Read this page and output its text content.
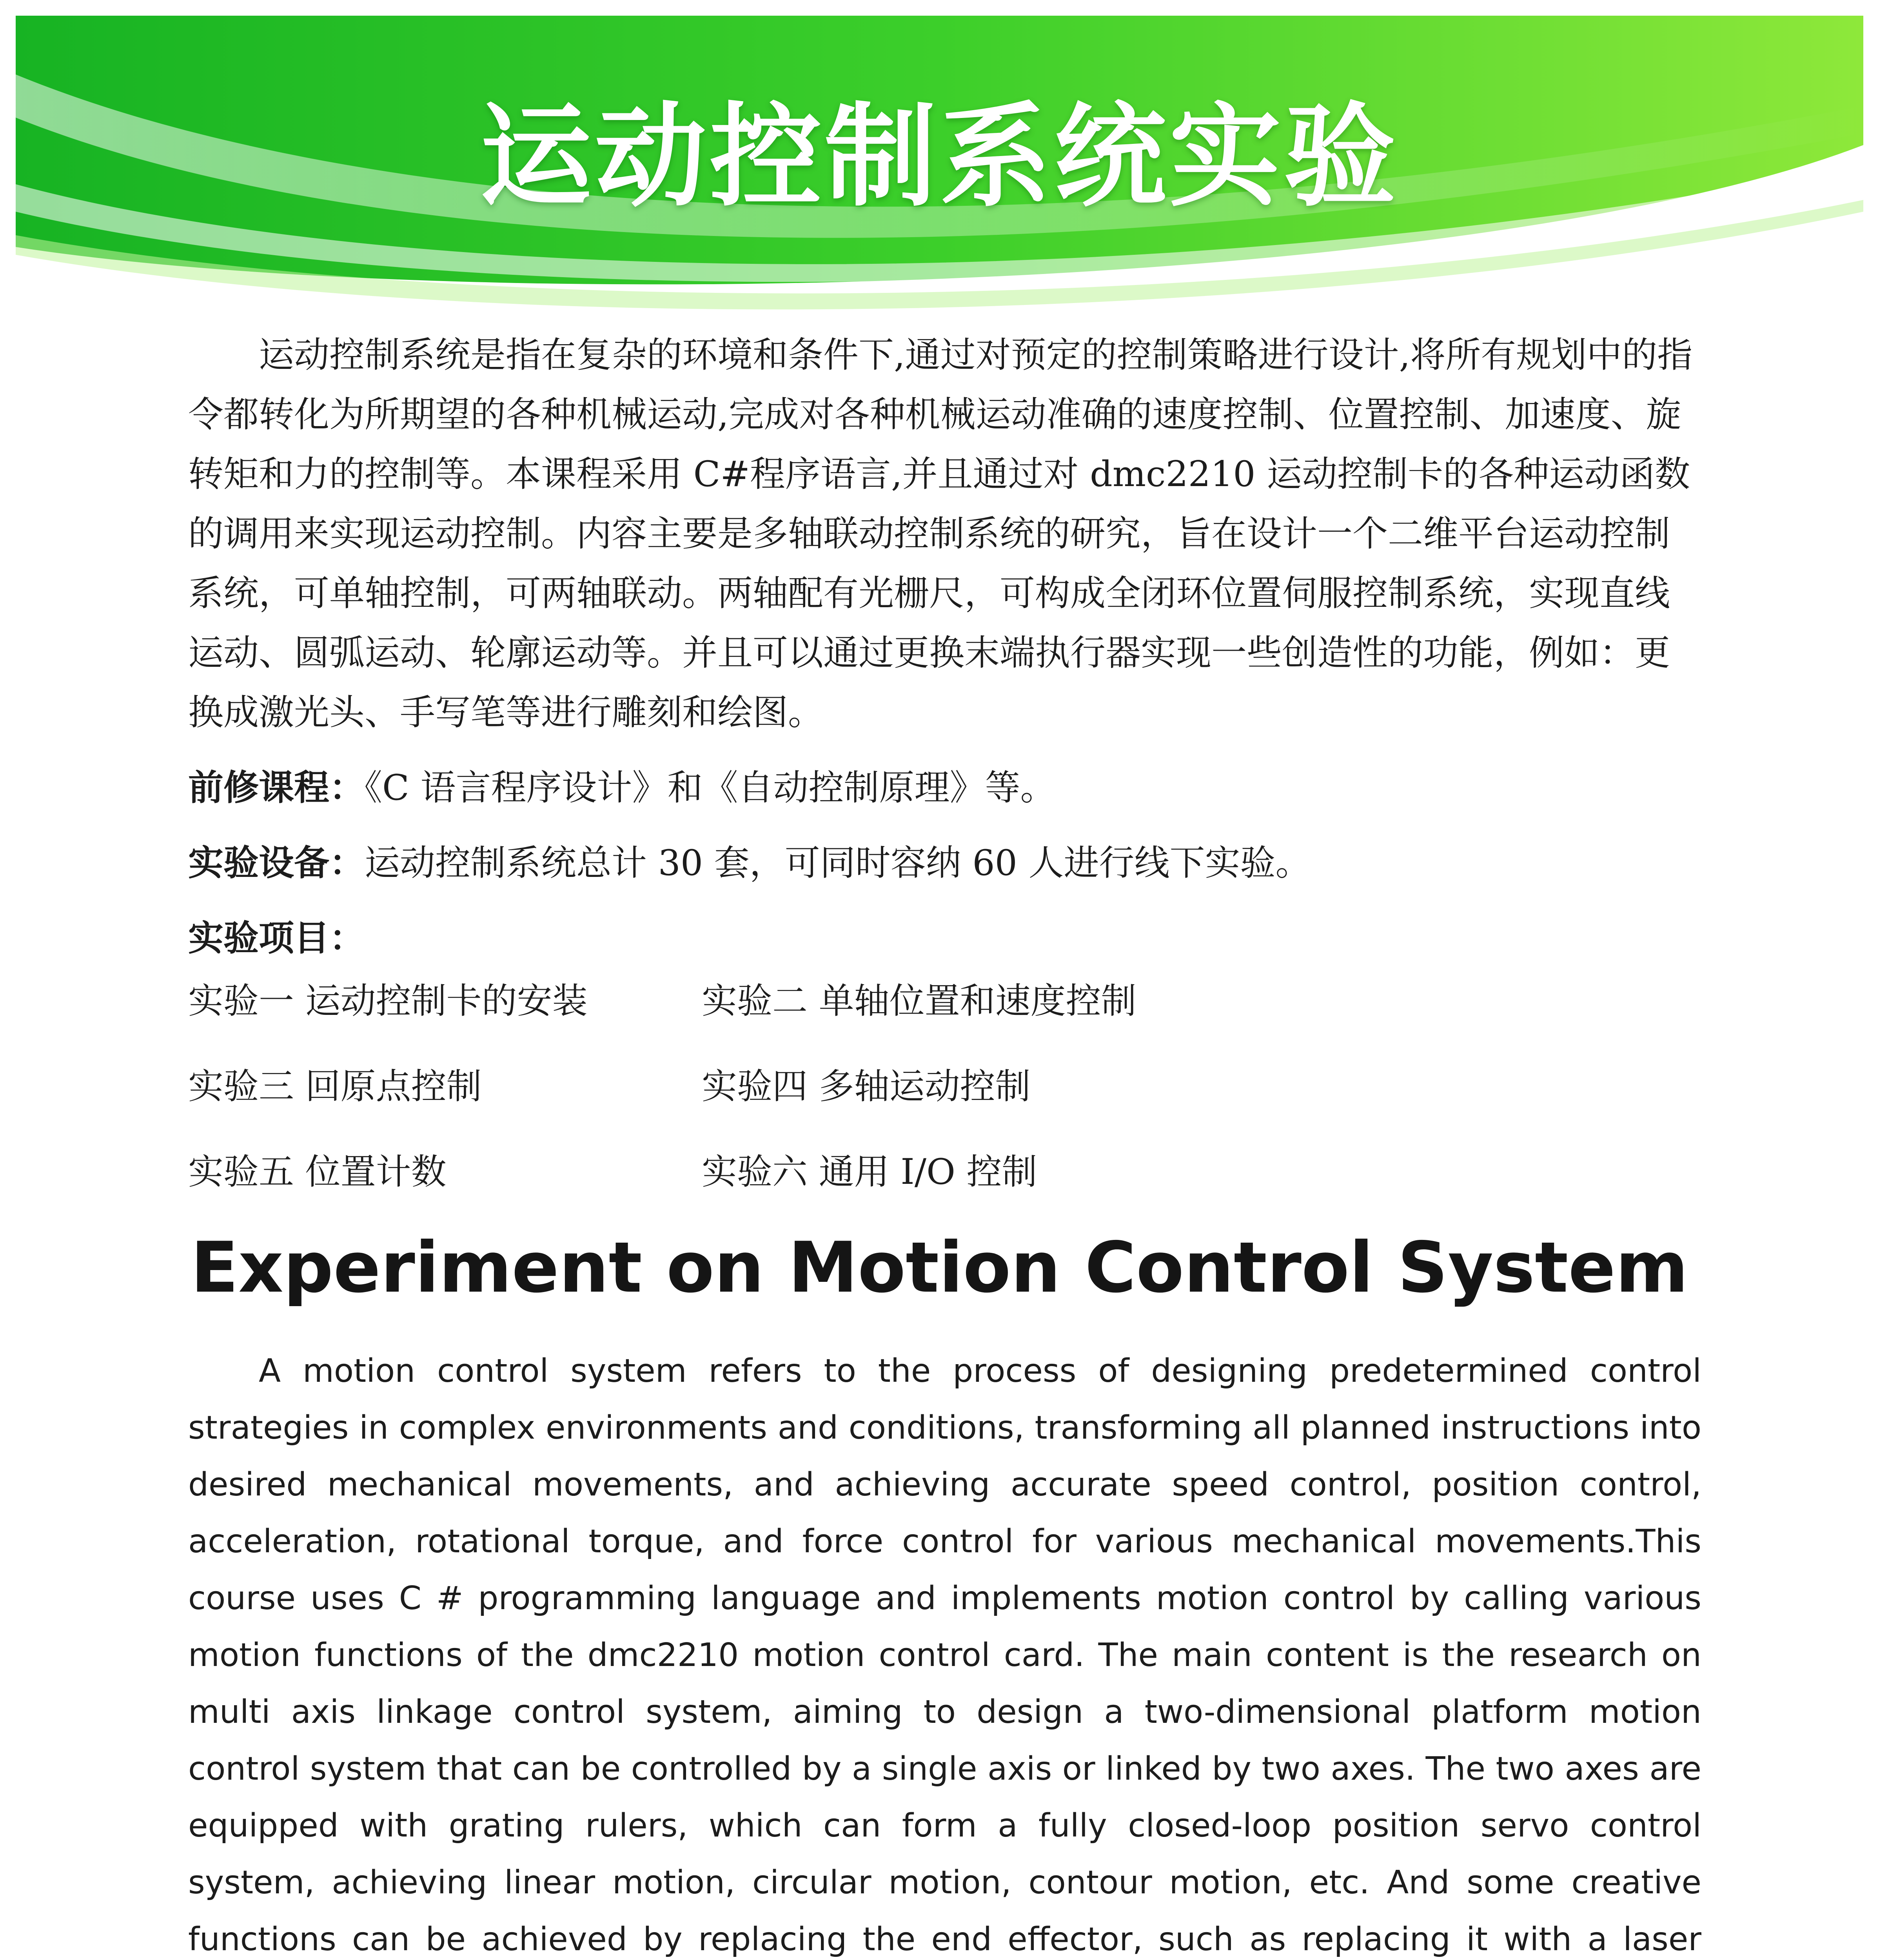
运动控制系统实验

运动控制系统是指在复杂的环境和条件下,通过对预定的控制策略进行设计,将所有规划中的指令都转化为所期望的各种机械运动,完成对各种机械运动准确的速度控制、位置控制、加速度、旋转矩和力的控制等。本课程采用 C#程序语言,并且通过对 dmc2210 运动控制卡的各种运动函数的调用来实现运动控制。内容主要是多轴联动控制系统的研究，旨在设计一个二维平台运动控制系统，可单轴控制，可两轴联动。两轴配有光栅尺，可构成全闭环位置伺服控制系统，实现直线运动、圆弧运动、轮廓运动等。并且可以通过更换末端执行器实现一些创造性的功能，例如：更换成激光头、手写笔等进行雕刻和绘图。

前修课程：《C 语言程序设计》和《自动控制原理》等。

实验设备：运动控制系统总计 30 套，可同时容纳 60 人进行线下实验。

实验项目：

实验一 运动控制卡的安装	实验二 单轴位置和速度控制
实验三 回原点控制	实验四 多轴运动控制
实验五 位置计数	实验六 通用 I/O 控制
Experiment on Motion Control System

A motion control system refers to the process of designing predetermined control strategies in complex environments and conditions, transforming all planned instructions into desired mechanical movements, and achieving accurate speed control, position control, acceleration, rotational torque, and force control for various mechanical movements.This course uses C # programming language and implements motion control by calling various motion functions of the dmc2210 motion control card. The main content is the research on multi axis linkage control system, aiming to design a two-dimensional platform motion control system that can be controlled by a single axis or linked by two axes. The two axes are equipped with grating rulers, which can form a fully closed-loop position servo control system, achieving linear motion, circular motion, contour motion, etc. And some creative functions can be achieved by replacing the end effector, such as replacing it with a laser
